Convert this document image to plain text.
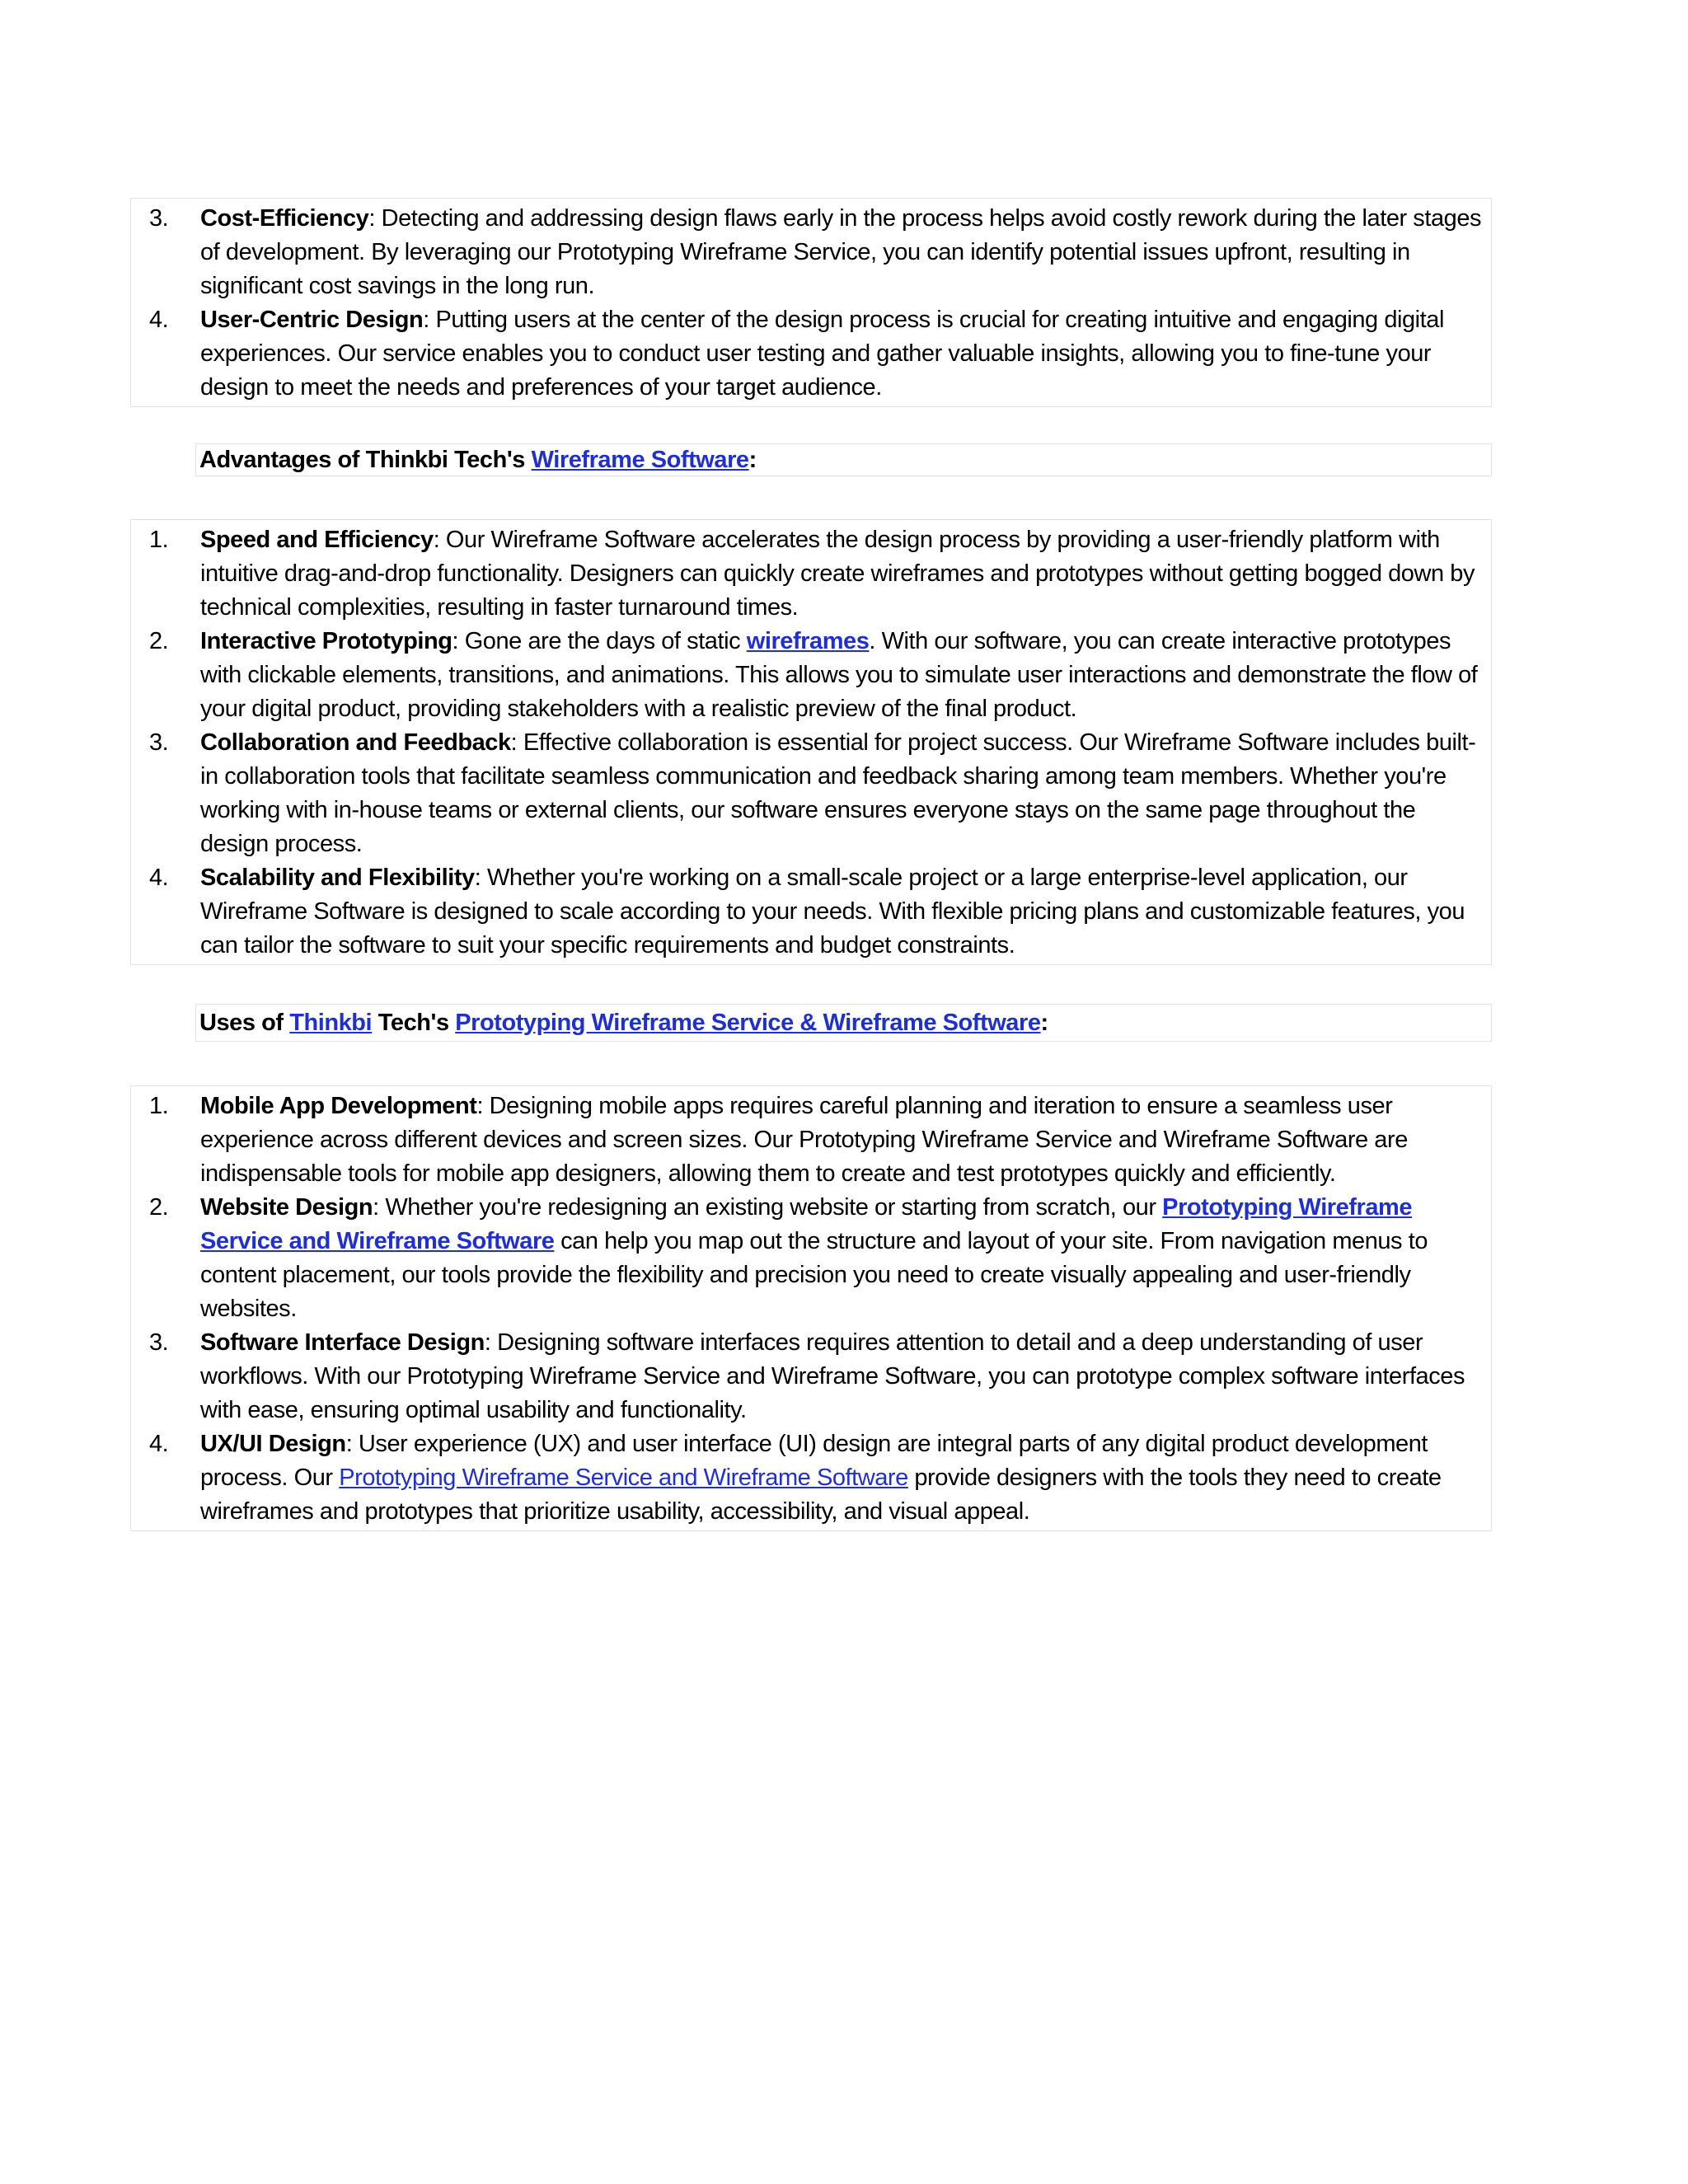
3. Cost-Efficiency: Detecting and addressing design flaws early in the process helps avoid costly rework during the later stages of development. By leveraging our Prototyping Wireframe Service, you can identify potential issues upfront, resulting in significant cost savings in the long run.
4. User-Centric Design: Putting users at the center of the design process is crucial for creating intuitive and engaging digital experiences. Our service enables you to conduct user testing and gather valuable insights, allowing you to fine-tune your design to meet the needs and preferences of your target audience.
Advantages of Thinkbi Tech's Wireframe Software:
1. Speed and Efficiency: Our Wireframe Software accelerates the design process by providing a user-friendly platform with intuitive drag-and-drop functionality. Designers can quickly create wireframes and prototypes without getting bogged down by technical complexities, resulting in faster turnaround times.
2. Interactive Prototyping: Gone are the days of static wireframes. With our software, you can create interactive prototypes with clickable elements, transitions, and animations. This allows you to simulate user interactions and demonstrate the flow of your digital product, providing stakeholders with a realistic preview of the final product.
3. Collaboration and Feedback: Effective collaboration is essential for project success. Our Wireframe Software includes built-in collaboration tools that facilitate seamless communication and feedback sharing among team members. Whether you're working with in-house teams or external clients, our software ensures everyone stays on the same page throughout the design process.
4. Scalability and Flexibility: Whether you're working on a small-scale project or a large enterprise-level application, our Wireframe Software is designed to scale according to your needs. With flexible pricing plans and customizable features, you can tailor the software to suit your specific requirements and budget constraints.
Uses of Thinkbi Tech's Prototyping Wireframe Service & Wireframe Software:
1. Mobile App Development: Designing mobile apps requires careful planning and iteration to ensure a seamless user experience across different devices and screen sizes. Our Prototyping Wireframe Service and Wireframe Software are indispensable tools for mobile app designers, allowing them to create and test prototypes quickly and efficiently.
2. Website Design: Whether you're redesigning an existing website or starting from scratch, our Prototyping Wireframe Service and Wireframe Software can help you map out the structure and layout of your site. From navigation menus to content placement, our tools provide the flexibility and precision you need to create visually appealing and user-friendly websites.
3. Software Interface Design: Designing software interfaces requires attention to detail and a deep understanding of user workflows. With our Prototyping Wireframe Service and Wireframe Software, you can prototype complex software interfaces with ease, ensuring optimal usability and functionality.
4. UX/UI Design: User experience (UX) and user interface (UI) design are integral parts of any digital product development process. Our Prototyping Wireframe Service and Wireframe Software provide designers with the tools they need to create wireframes and prototypes that prioritize usability, accessibility, and visual appeal.
